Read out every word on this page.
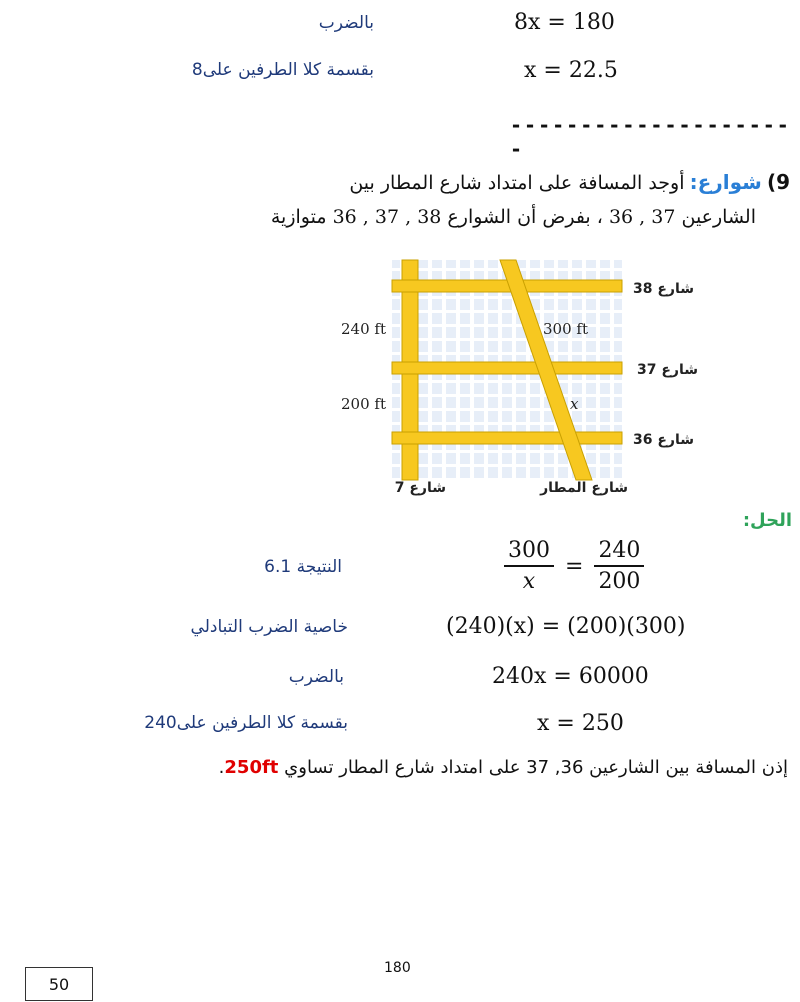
8x = 180
بالضرب
x = 22.5
بقسمة كلا الطرفين على8
---------------------
9) شوارع: أوجد المسافة على امتداد شارع المطار بين
الشارعين 37 , 36 ، بفرض أن الشوارع 38 , 37 , 36 متوازية
240 ft	300 ft
200 ft	x
شارع 38
شارع 37
شارع 36
شارع 7	شارع المطار
الحل:
$\frac{300}{x} = \frac{240}{200}$
النتيجة 6.1
(240)(x) = (200)(300)
خاصية الضرب التبادلي
240x = 60000
بالضرب
x = 250
بقسمة كلا الطرفين على240
إذن المسافة بين الشارعين 36, 37 على امتداد شارع المطار تساوي 250ft.
180
50
